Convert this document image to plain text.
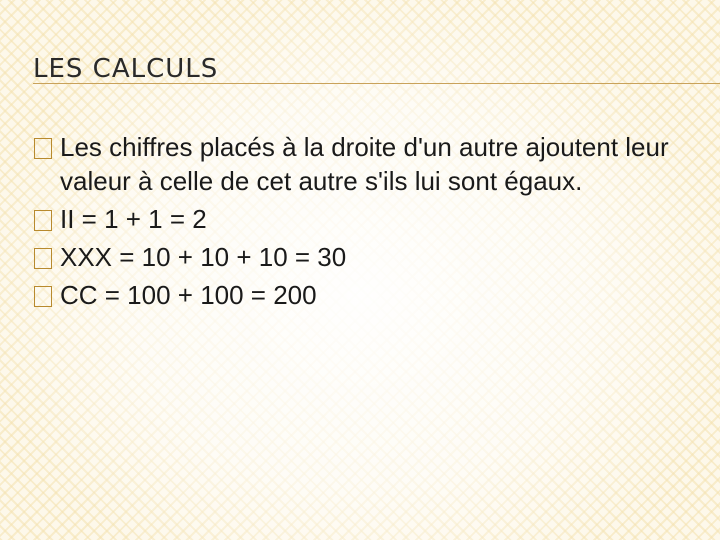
LES CALCULS
Les chiffres placés à la droite d'un autre ajoutent leur valeur à celle de cet autre s'ils lui sont égaux.
II = 1 + 1 = 2
XXX = 10 + 10 + 10 = 30
CC = 100 + 100 = 200
